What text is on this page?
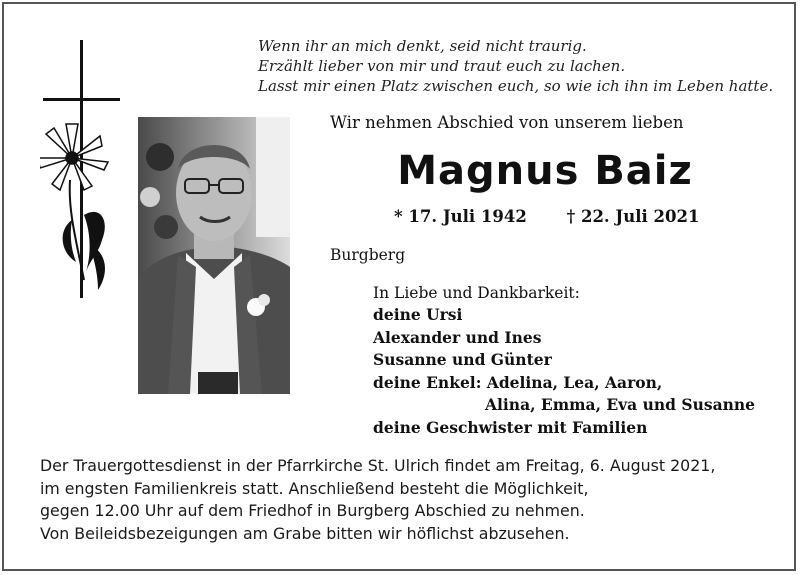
Wenn ihr an mich denkt, seid nicht traurig.
Erzählt lieber von mir und traut euch zu lachen.
Lasst mir einen Platz zwischen euch, so wie ich ihn im Leben hatte.
Wir nehmen Abschied von unserem lieben
Magnus Baiz
* 17. Juli 1942 † 22. Juli 2021
Burgberg
In Liebe und Dankbarkeit:
deine Ursi
Alexander und Ines
Susanne und Günter
deine Enkel: Adelina, Lea, Aaron,
Alina, Emma, Eva und Susanne
deine Geschwister mit Familien
Der Trauergottesdienst in der Pfarrkirche St. Ulrich findet am Freitag, 6. August 2021,
im engsten Familienkreis statt. Anschließend besteht die Möglichkeit,
gegen 12.00 Uhr auf dem Friedhof in Burgberg Abschied zu nehmen.
Von Beileidsbezeigungen am Grabe bitten wir höflichst abzusehen.
